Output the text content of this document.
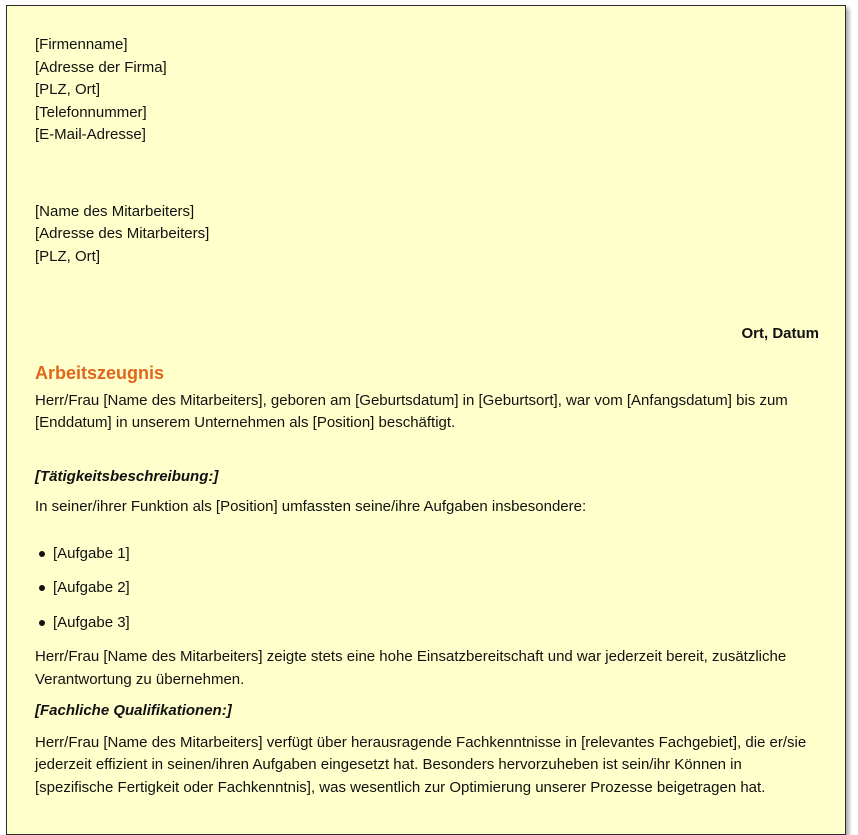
[Firmenname]
[Adresse der Firma]
[PLZ, Ort]
[Telefonnummer]
[E-Mail-Adresse]
[Name des Mitarbeiters]
[Adresse des Mitarbeiters]
[PLZ, Ort]
Ort, Datum
Arbeitszeugnis

Herr/Frau [Name des Mitarbeiters], geboren am [Geburtsdatum] in [Geburtsort], war vom [Anfangsdatum] bis zum
[Enddatum] in unserem Unternehmen als [Position] beschäftigt.

[Tätigkeitsbeschreibung:]

In seiner/ihrer Funktion als [Position] umfassten seine/ihre Aufgaben insbesondere:

[Aufgabe 1]
[Aufgabe 2]
[Aufgabe 3]

Herr/Frau [Name des Mitarbeiters] zeigte stets eine hohe Einsatzbereitschaft und war jederzeit bereit, zusätzliche
Verantwortung zu übernehmen.

[Fachliche Qualifikationen:]

Herr/Frau [Name des Mitarbeiters] verfügt über herausragende Fachkenntnisse in [relevantes Fachgebiet], die er/sie
jederzeit effizient in seinen/ihren Aufgaben eingesetzt hat. Besonders hervorzuheben ist sein/ihr Können in
[spezifische Fertigkeit oder Fachkenntnis], was wesentlich zur Optimierung unserer Prozesse beigetragen hat.
